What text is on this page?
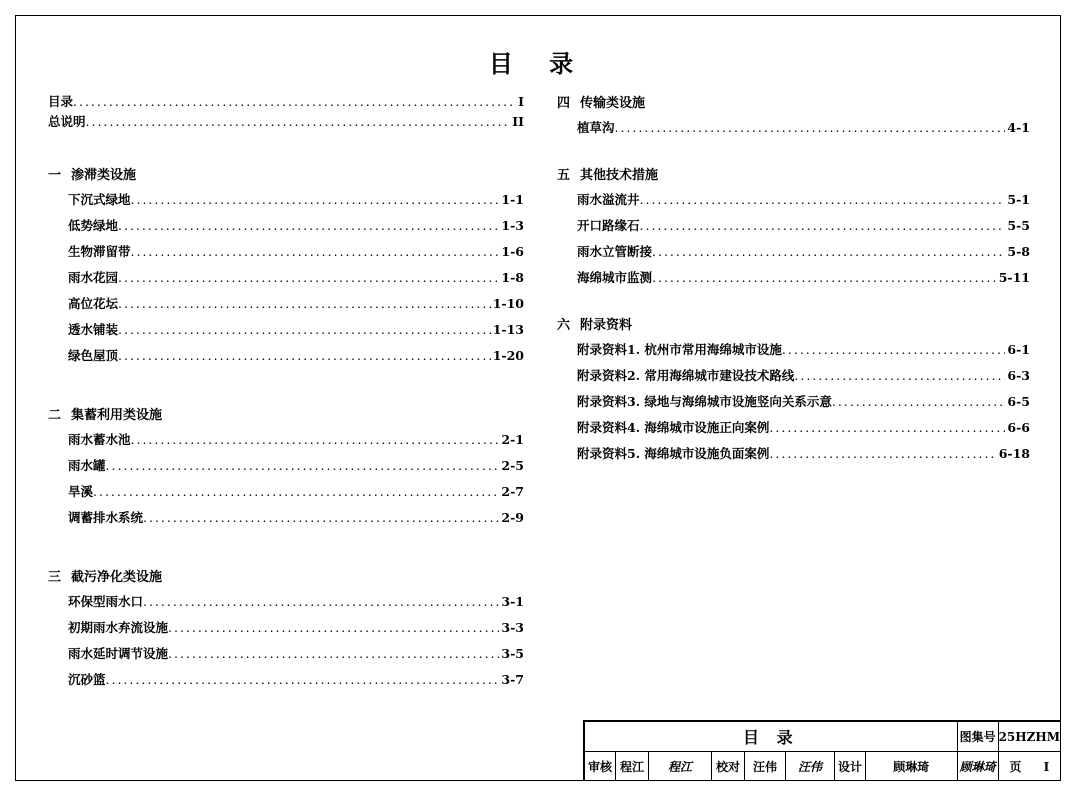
目 录
目录 .....	I
总说明 .....	II
一 渗滞类设施
下沉式绿地 .....	1-1
低势绿地 .....	1-3
生物滞留带 .....	1-6
雨水花园 .....	1-8
高位花坛 .....	1-10
透水铺装 .....	1-13
绿色屋顶 .....	1-20
二 集蓄利用类设施
雨水蓄水池 .....	2-1
雨水罐 .....	2-5
旱溪 .....	2-7
调蓄排水系统 .....	2-9
三 截污净化类设施
环保型雨水口 .....	3-1
初期雨水弃流设施 .....	3-3
雨水延时调节设施 .....	3-5
沉砂篮 .....	3-7
四 传输类设施
植草沟 .....	4-1
五 其他技术措施
雨水溢流井 .....	5-1
开口路缘石 .....	5-5
雨水立管断接 .....	5-8
海绵城市监测 .....	5-11
六 附录资料
附录资料1. 杭州市常用海绵城市设施 .....	6-1
附录资料2. 常用海绵城市建设技术路线 .....	6-3
附录资料3. 绿地与海绵城市设施竖向关系示意 .....	6-5
附录资料4. 海绵城市设施正向案例 .....	6-6
附录资料5. 海绵城市设施负面案例 .....	6-18
目 录								图集号	25HZHM
审核	程江	程江	校对	汪伟	汪伟	设计	顾琳琦	顾琳琦	页 I
